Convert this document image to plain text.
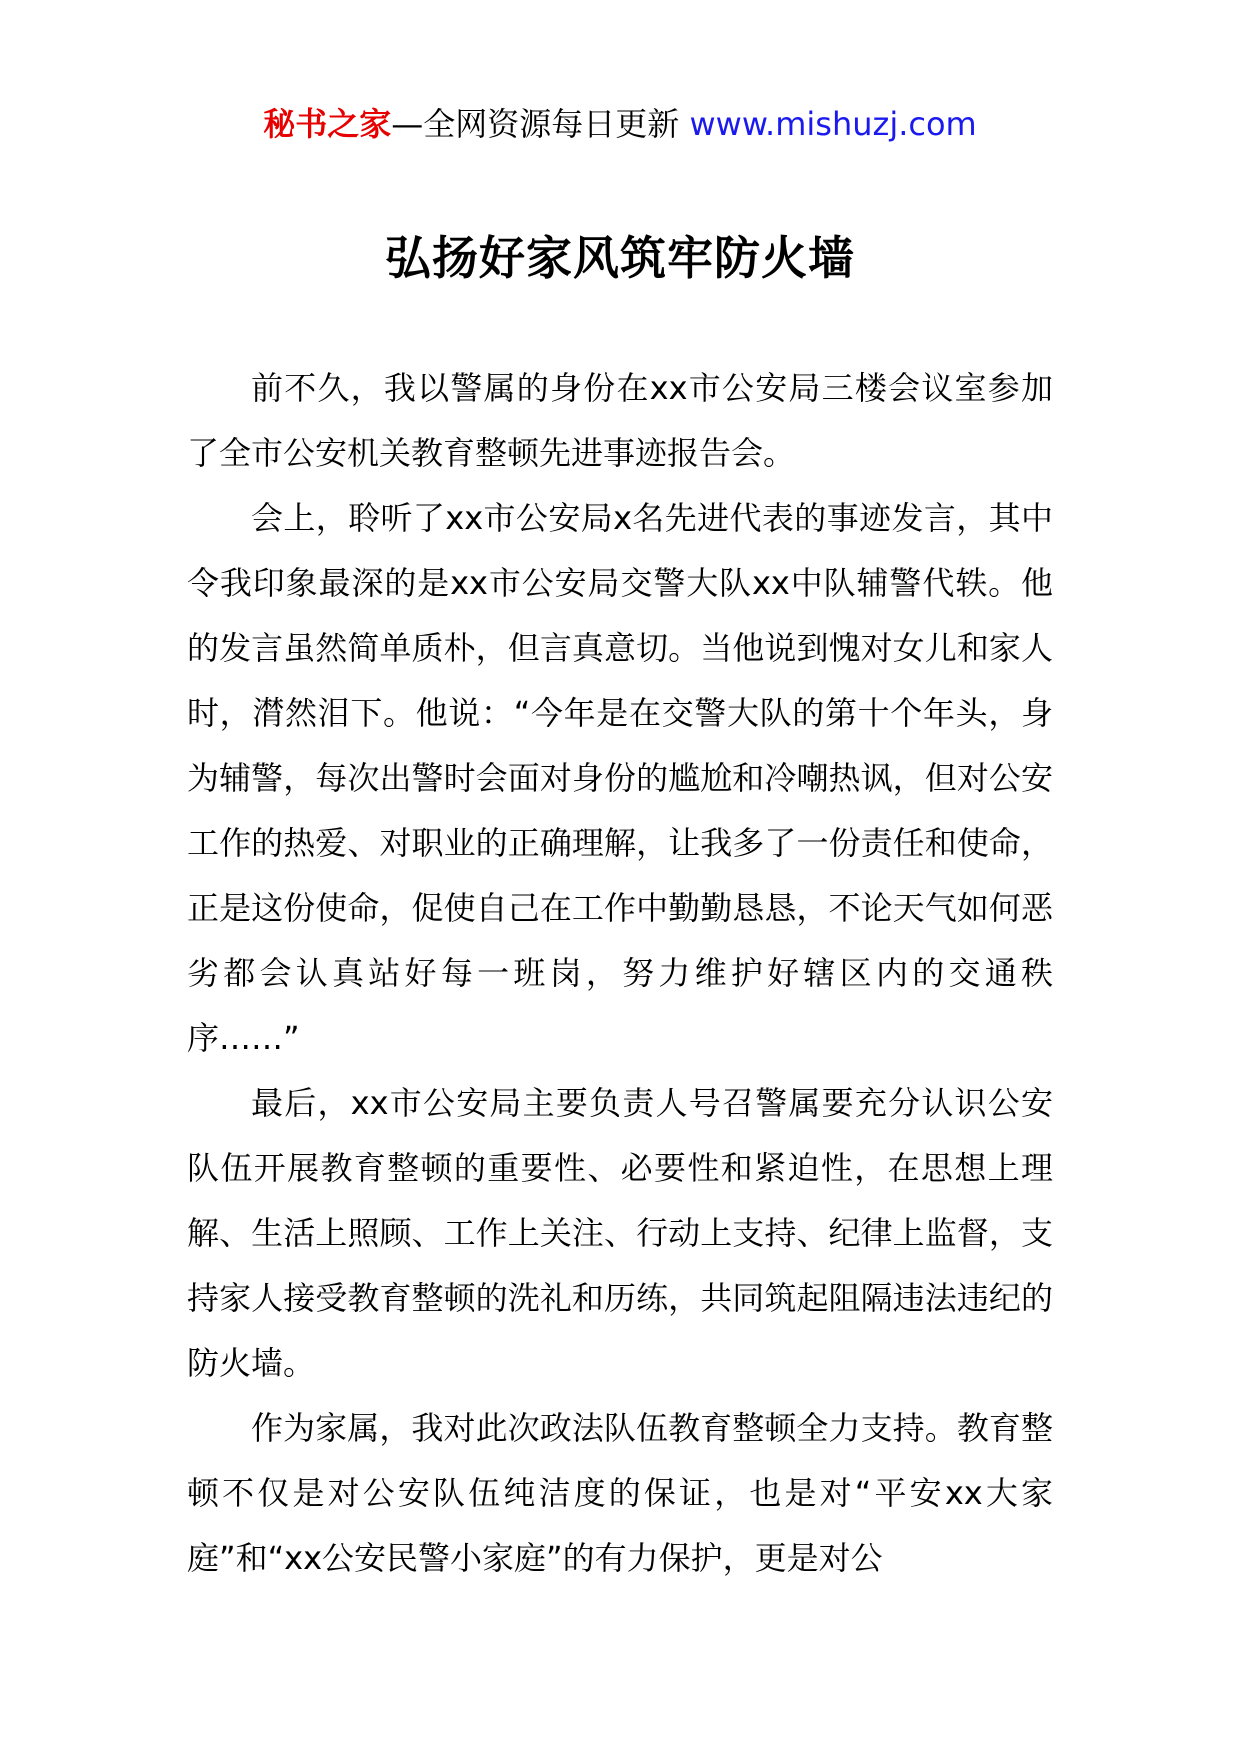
秘书之家—全网资源每日更新 www.mishuzj.com
弘扬好家风筑牢防火墙

前不久，我以警属的身份在xx市公安局三楼会议室参加了全市公安机关教育整顿先进事迹报告会。

会上，聆听了xx市公安局x名先进代表的事迹发言，其中令我印象最深的是xx市公安局交警大队xx中队辅警代轶。他的发言虽然简单质朴，但言真意切。当他说到愧对女儿和家人时，潸然泪下。他说：“今年是在交警大队的第十个年头，身为辅警，每次出警时会面对身份的尴尬和冷嘲热讽，但对公安工作的热爱、对职业的正确理解，让我多了一份责任和使命，正是这份使命，促使自己在工作中勤勤恳恳，不论天气如何恶劣都会认真站好每一班岗，努力维护好辖区内的交通秩序……”

最后，xx市公安局主要负责人号召警属要充分认识公安队伍开展教育整顿的重要性、必要性和紧迫性，在思想上理解、生活上照顾、工作上关注、行动上支持、纪律上监督，支持家人接受教育整顿的洗礼和历练，共同筑起阻隔违法违纪的防火墙。

作为家属，我对此次政法队伍教育整顿全力支持。教育整顿不仅是对公安队伍纯洁度的保证，也是对“平安xx大家庭”和“xx公安民警小家庭”的有力保护，更是对公
